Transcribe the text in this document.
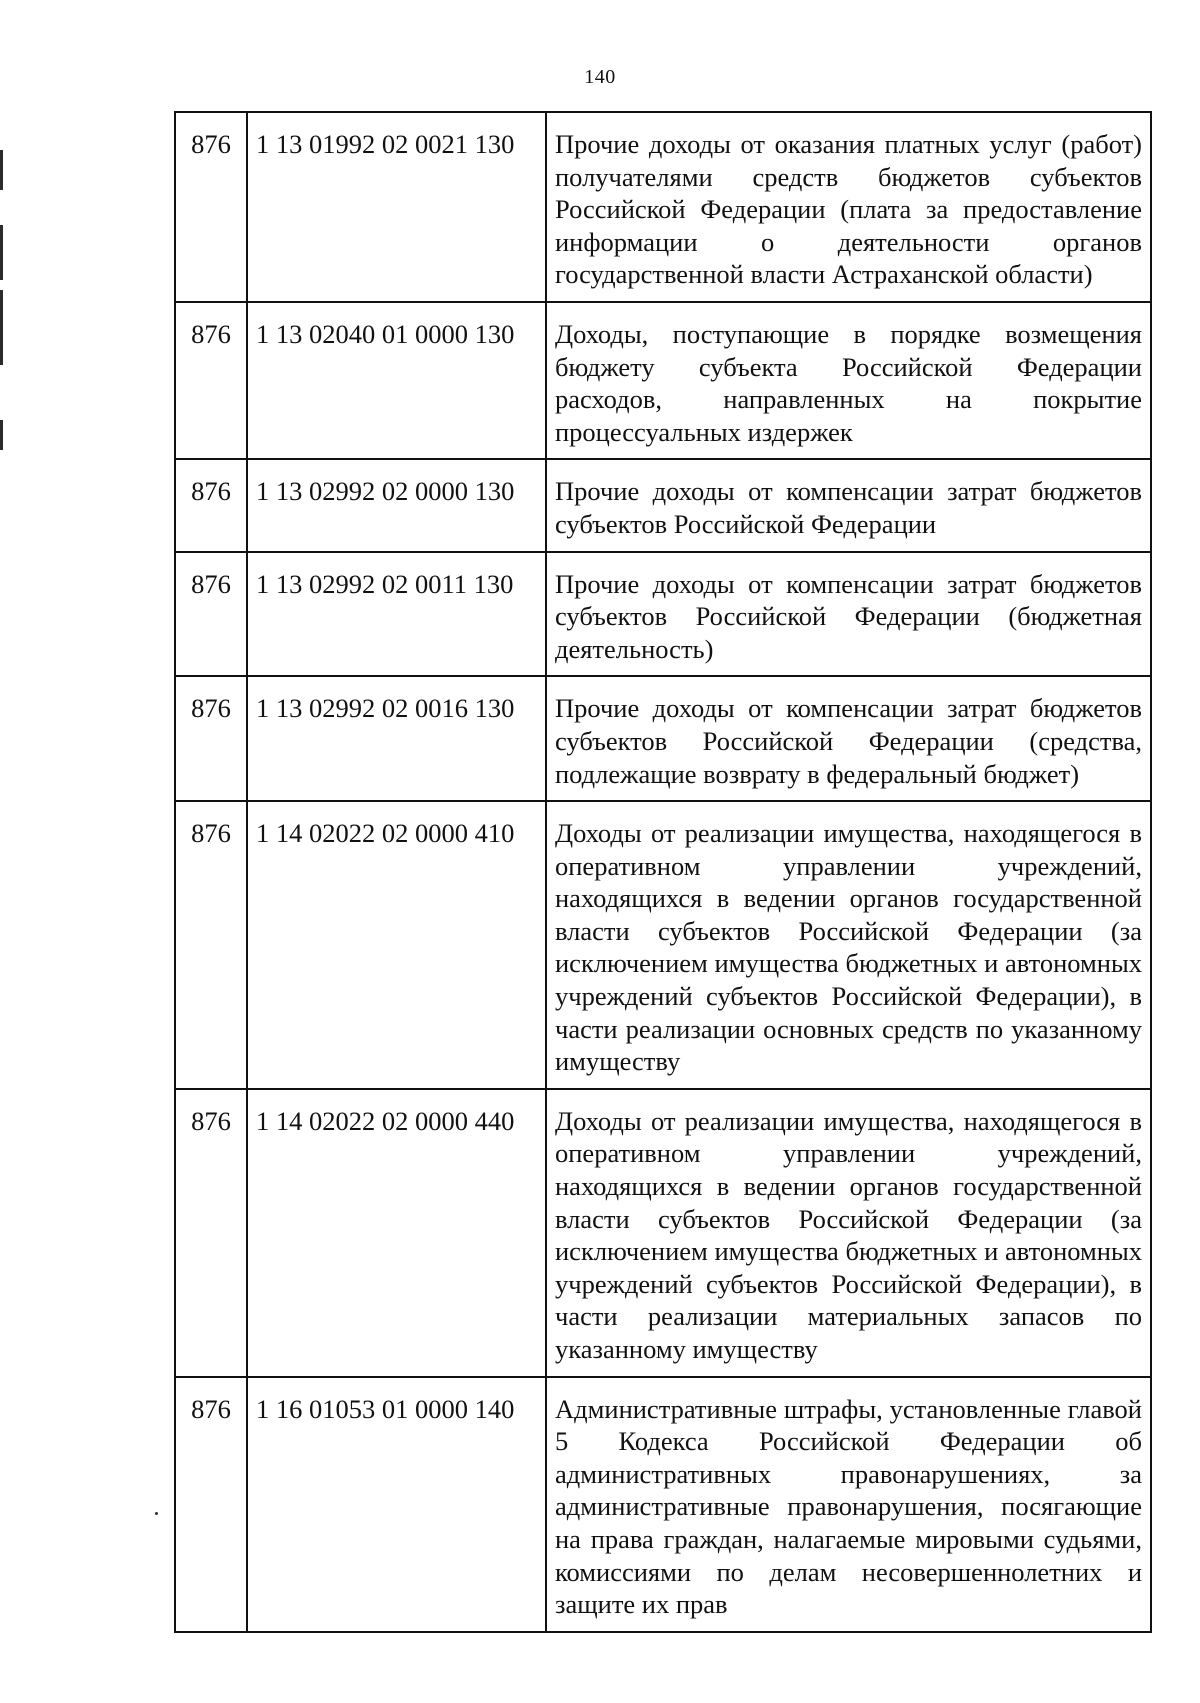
140
876	1 13 01992 02 0021 130	Прочие доходы от оказания платных услуг (работ) получателями средств бюджетов субъектов Российской Федерации (плата за предоставление информации о деятельности органов государственной власти Астраханской области)
876	1 13 02040 01 0000 130	Доходы, поступающие в порядке возмещения бюджету субъекта Российской Федерации расходов, направленных на покрытие процессуальных издержек
876	1 13 02992 02 0000 130	Прочие доходы от компенсации затрат бюджетов субъектов Российской Федерации
876	1 13 02992 02 0011 130	Прочие доходы от компенсации затрат бюджетов субъектов Российской Федерации (бюджетная деятельность)
876	1 13 02992 02 0016 130	Прочие доходы от компенсации затрат бюджетов субъектов Российской Федерации (средства, подлежащие возврату в федеральный бюджет)
876	1 14 02022 02 0000 410	Доходы от реализации имущества, находящегося в оперативном управлении учреждений, находящихся в ведении органов государственной власти субъектов Российской Федерации (за исключением имущества бюджетных и автономных учреждений субъектов Российской Федерации), в части реализации основных средств по указанному имуществу
876	1 14 02022 02 0000 440	Доходы от реализации имущества, находящегося в оперативном управлении учреждений, находящихся в ведении органов государственной власти субъектов Российской Федерации (за исключением имущества бюджетных и автономных учреждений субъектов Российской Федерации), в части реализации материальных запасов по указанному имуществу
876	1 16 01053 01 0000 140	Административные штрафы, установленные главой 5 Кодекса Российской Федерации об административных правонарушениях, за административные правонарушения, посягающие на права граждан, налагаемые мировыми судьями, комиссиями по делам несовершеннолетних и защите их прав
